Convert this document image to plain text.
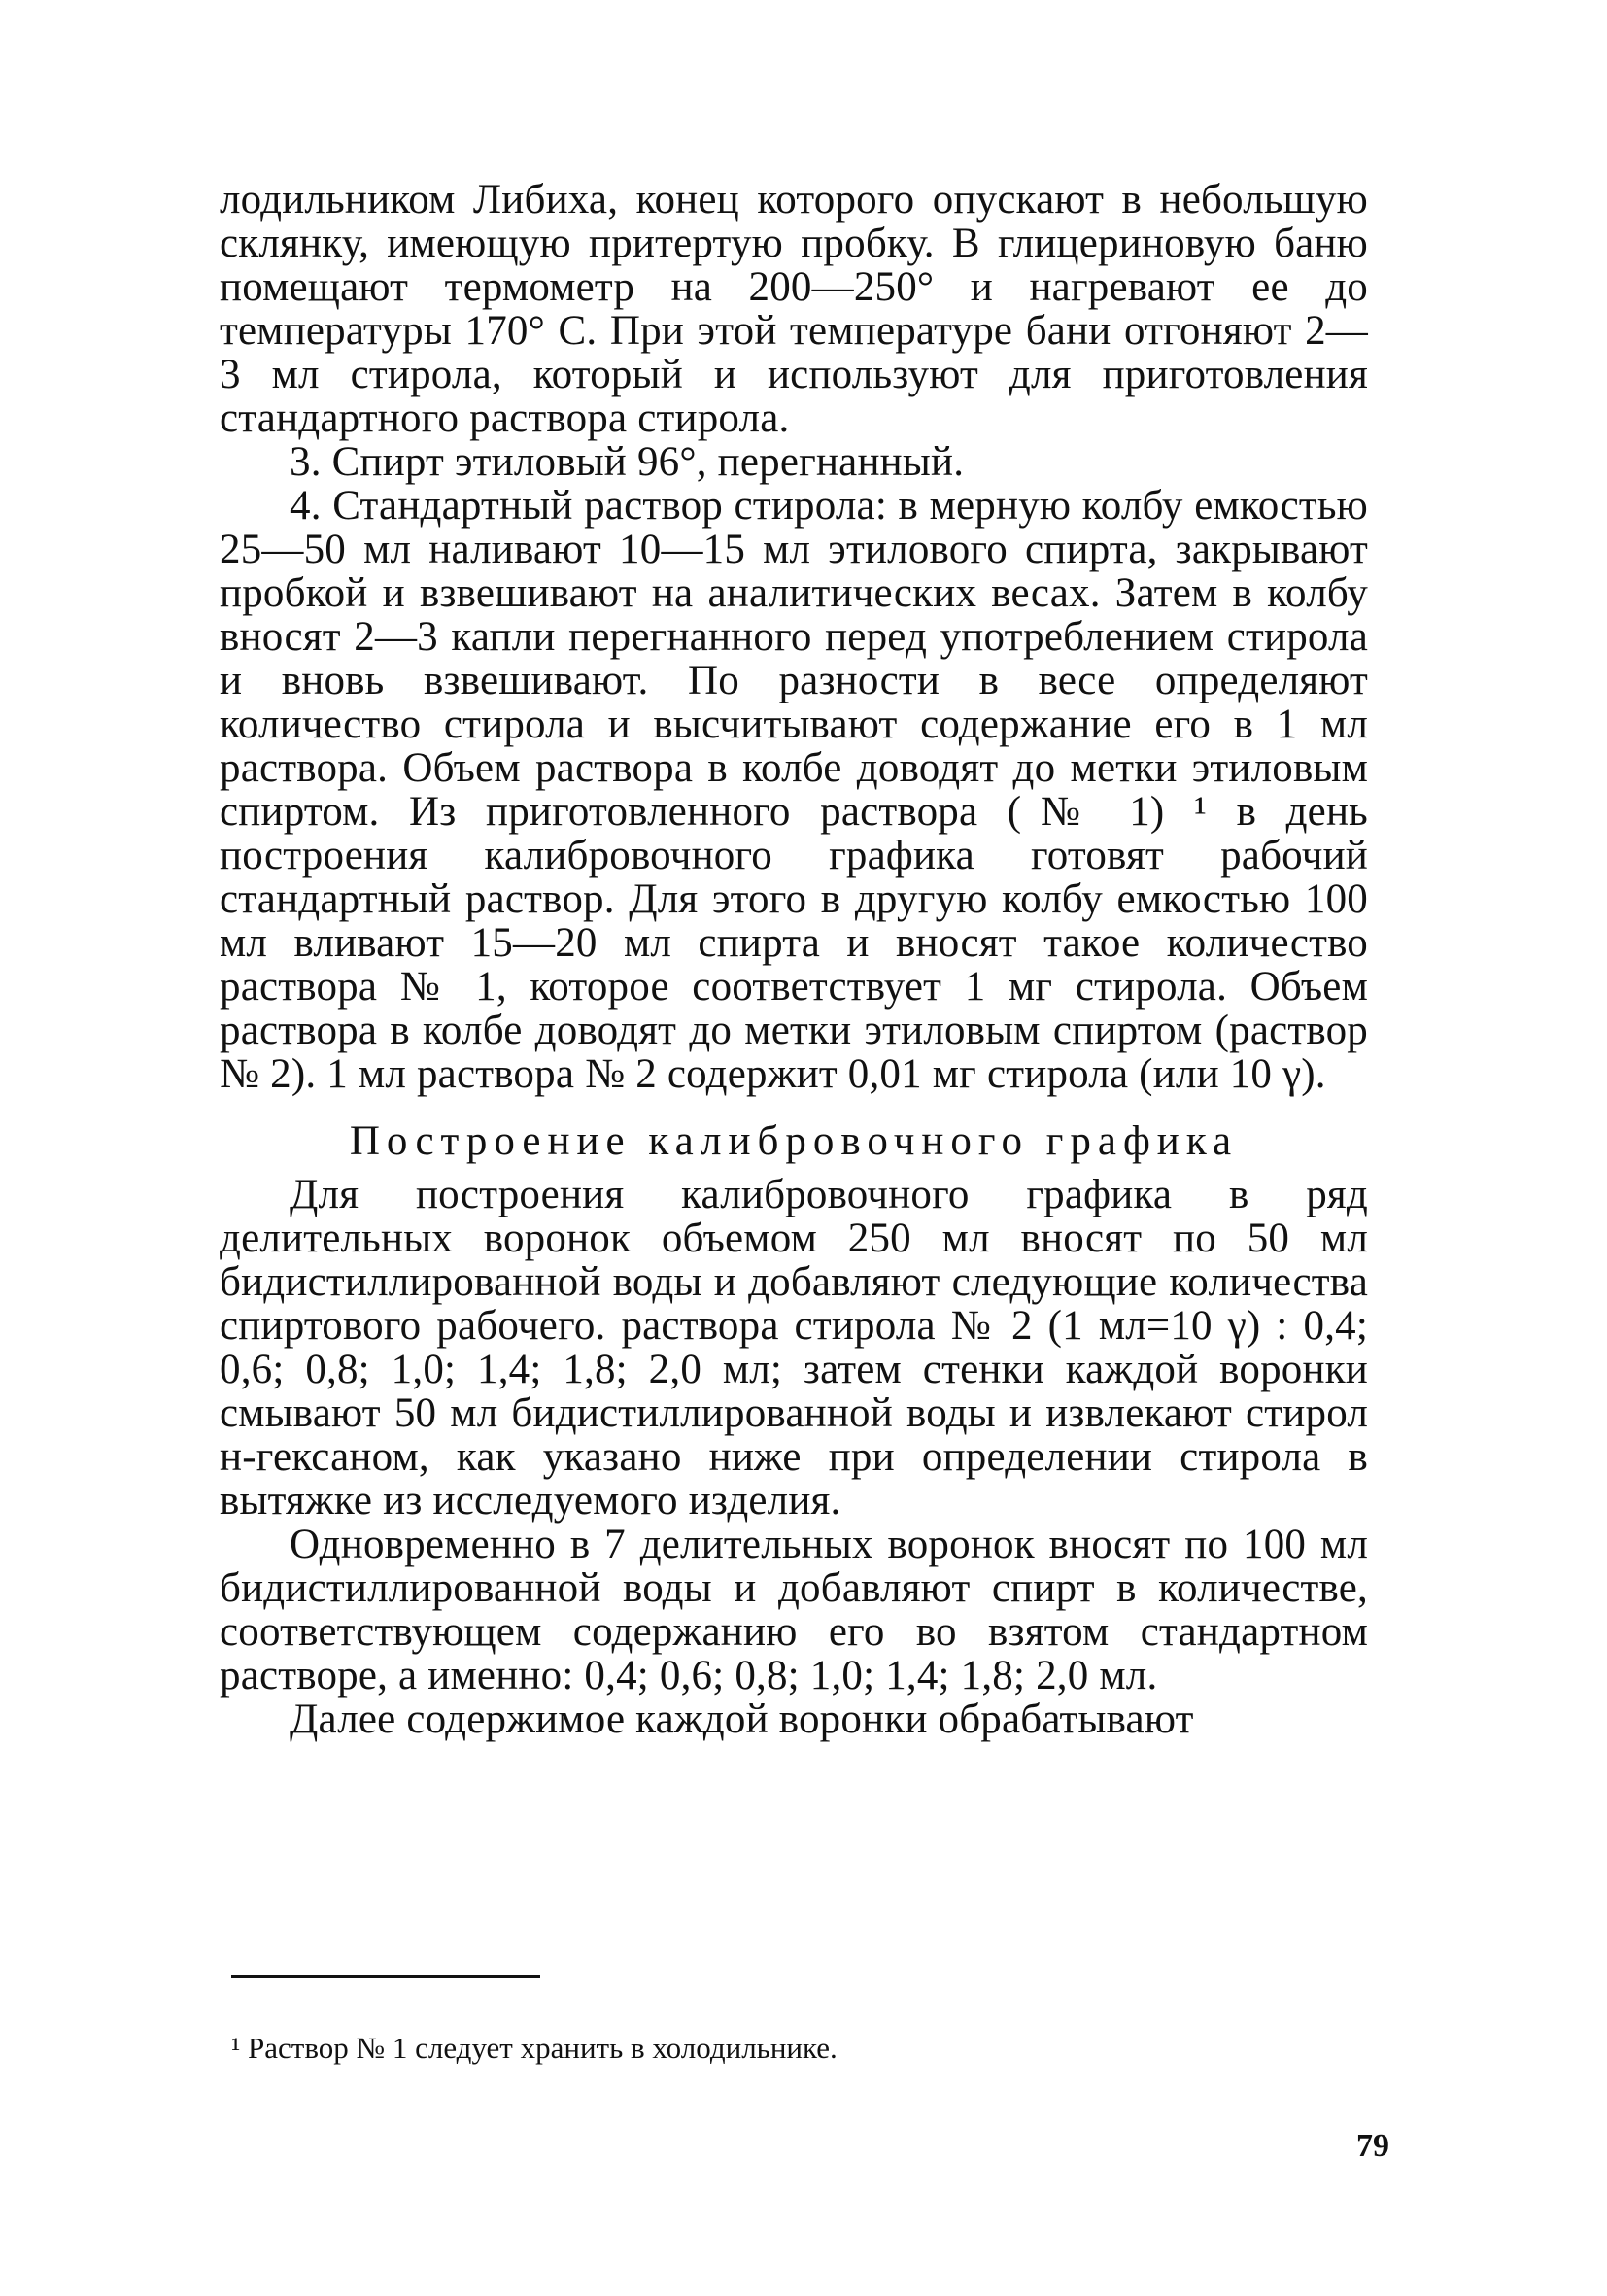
лодильником Либиха, конец которого опускают в небольшую склянку, имеющую притертую пробку. В глицериновую баню помещают термометр на 200—250° и нагревают ее до температуры 170° С. При этой температуре бани отгоняют 2—3 мл стирола, который и используют для приготовления стандартного раствора стирола.

3. Спирт этиловый 96°, перегнанный.

4. Стандартный раствор стирола: в мерную колбу емкостью 25—50 мл наливают 10—15 мл этилового спирта, закрывают пробкой и взвешивают на аналитических весах. Затем в колбу вносят 2—3 капли перегнанного перед употреблением стирола и вновь взвешивают. По разности в весе определяют количество стирола и высчитывают содержание его в 1 мл раствора. Объем раствора в колбе доводят до метки этиловым спиртом. Из приготовленного раствора (№ 1) ¹ в день построения калибровочного графика готовят рабочий стандартный раствор. Для этого в другую колбу емкостью 100 мл вливают 15—20 мл спирта и вносят такое количество раствора № 1, которое соответствует 1 мг стирола. Объем раствора в колбе доводят до метки этиловым спиртом (раствор № 2). 1 мл раствора № 2 содержит 0,01 мг стирола (или 10 γ).

Построение калибровочного графика

Для построения калибровочного графика в ряд делительных воронок объемом 250 мл вносят по 50 мл бидистиллированной воды и добавляют следующие количества спиртового рабочего. раствора стирола № 2 (1 мл=10 γ) : 0,4; 0,6; 0,8; 1,0; 1,4; 1,8; 2,0 мл; затем стенки каждой воронки смывают 50 мл бидистиллированной воды и извлекают стирол н-гексаном, как указано ниже при определении стирола в вытяжке из исследуемого изделия.

Одновременно в 7 делительных воронок вносят по 100 мл бидистиллированной воды и добавляют спирт в количестве, соответствующем содержанию его во взятом стандартном растворе, а именно: 0,4; 0,6; 0,8; 1,0; 1,4; 1,8; 2,0 мл.

Далее содержимое каждой воронки обрабатывают

¹ Раствор № 1 следует хранить в холодильнике.
79
